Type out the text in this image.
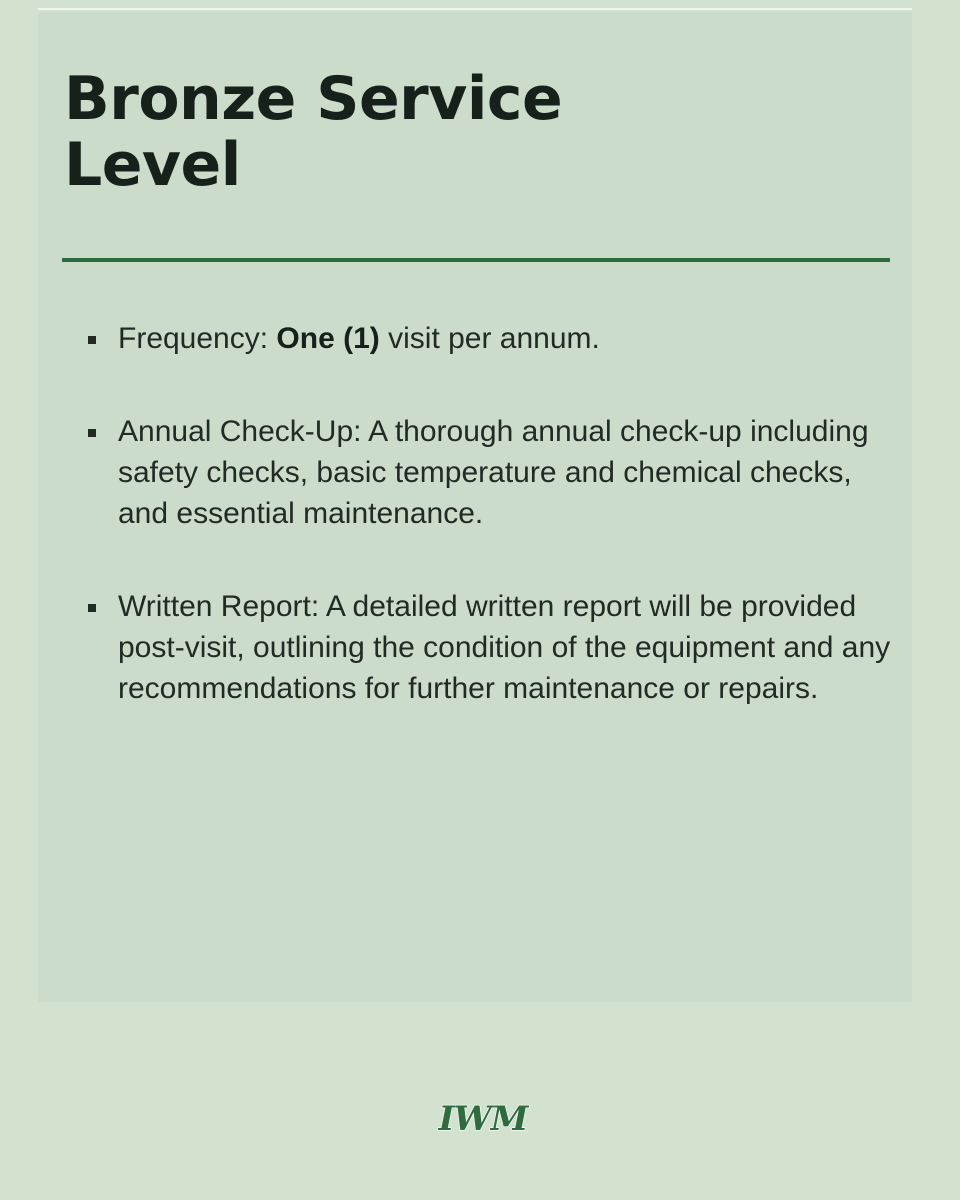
Bronze Service
Level
Frequency: One (1) visit per annum.
Annual Check-Up: A thorough annual check-up including safety checks, basic temperature and chemical checks, and essential maintenance.
Written Report: A detailed written report will be provided post-visit, outlining the condition of the equipment and any recommendations for further maintenance or repairs.
IWM
